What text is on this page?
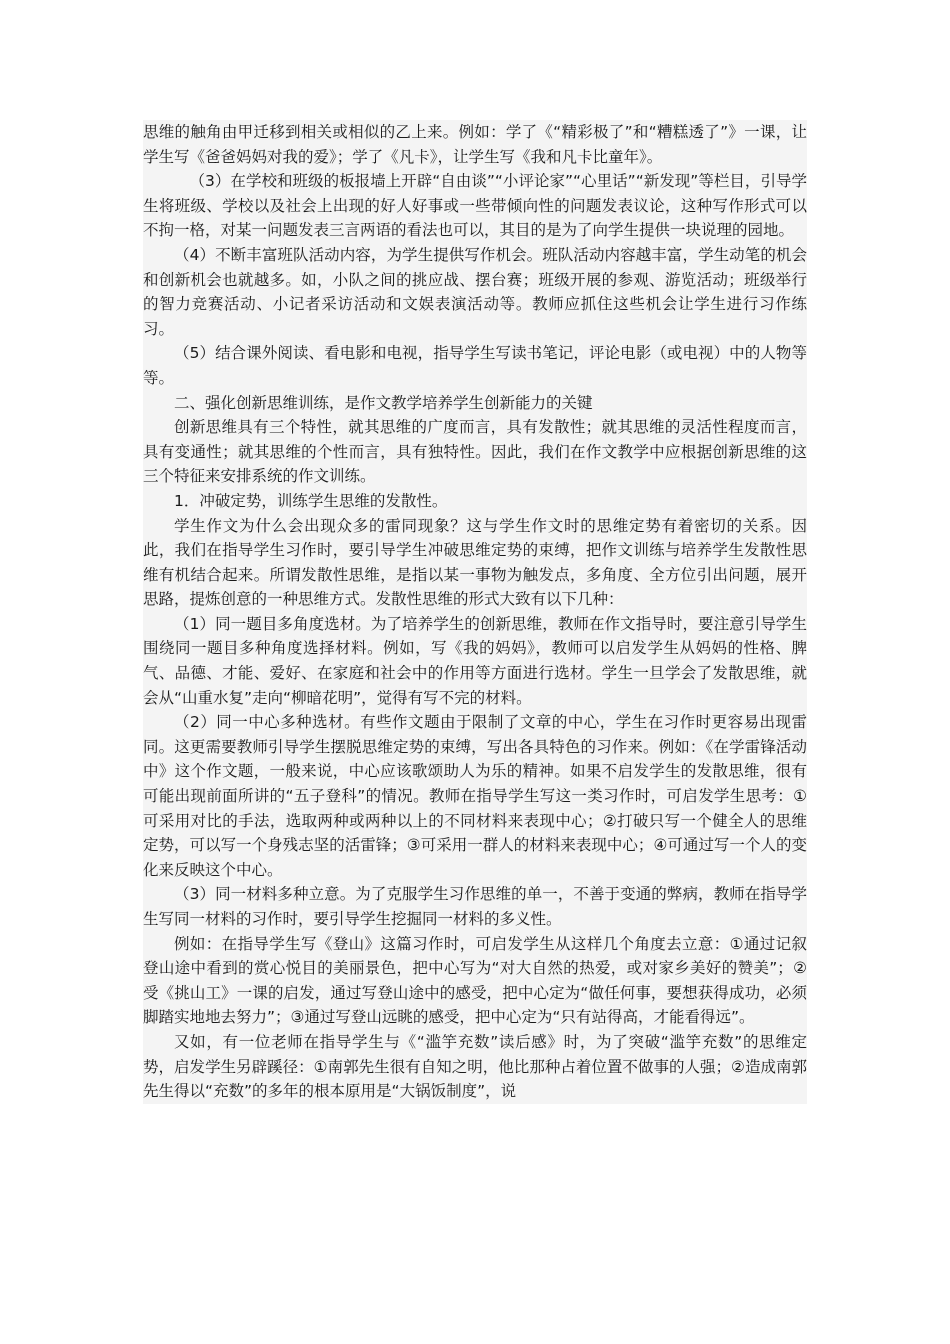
思维的触角由甲迁移到相关或相似的乙上来。例如：学了《“精彩极了”和“糟糕透了”》一课，让学生写《爸爸妈妈对我的爱》；学了《凡卡》，让学生写《我和凡卡比童年》。

（3）在学校和班级的板报墙上开辟“自由谈”“小评论家”“心里话”“新发现”等栏目，引导学生将班级、学校以及社会上出现的好人好事或一些带倾向性的问题发表议论，这种写作形式可以不拘一格，对某一问题发表三言两语的看法也可以，其目的是为了向学生提供一块说理的园地。

（4）不断丰富班队活动内容，为学生提供写作机会。班队活动内容越丰富，学生动笔的机会和创新机会也就越多。如，小队之间的挑应战、摆台赛；班级开展的参观、游览活动；班级举行的智力竞赛活动、小记者采访活动和文娱表演活动等。教师应抓住这些机会让学生进行习作练习。

（5）结合课外阅读、看电影和电视，指导学生写读书笔记，评论电影（或电视）中的人物等等。

二、强化创新思维训练，是作文教学培养学生创新能力的关键

创新思维具有三个特性，就其思维的广度而言，具有发散性；就其思维的灵活性程度而言，具有变通性；就其思维的个性而言，具有独特性。因此，我们在作文教学中应根据创新思维的这三个特征来安排系统的作文训练。

1．冲破定势，训练学生思维的发散性。

学生作文为什么会出现众多的雷同现象？这与学生作文时的思维定势有着密切的关系。因此，我们在指导学生习作时，要引导学生冲破思维定势的束缚，把作文训练与培养学生发散性思维有机结合起来。所谓发散性思维，是指以某一事物为触发点，多角度、全方位引出问题，展开思路，提炼创意的一种思维方式。发散性思维的形式大致有以下几种：

（1）同一题目多角度选材。为了培养学生的创新思维，教师在作文指导时，要注意引导学生围绕同一题目多种角度选择材料。例如，写《我的妈妈》，教师可以启发学生从妈妈的性格、脾气、品德、才能、爱好、在家庭和社会中的作用等方面进行选材。学生一旦学会了发散思维，就会从“山重水复”走向“柳暗花明”，觉得有写不完的材料。

（2）同一中心多种选材。有些作文题由于限制了文章的中心，学生在习作时更容易出现雷同。这更需要教师引导学生摆脱思维定势的束缚，写出各具特色的习作来。例如：《在学雷锋活动中》这个作文题，一般来说，中心应该歌颂助人为乐的精神。如果不启发学生的发散思维，很有可能出现前面所讲的“五子登科”的情况。教师在指导学生写这一类习作时，可启发学生思考：①可采用对比的手法，选取两种或两种以上的不同材料来表现中心；②打破只写一个健全人的思维定势，可以写一个身残志坚的活雷锋；③可采用一群人的材料来表现中心；④可通过写一个人的变化来反映这个中心。

（3）同一材料多种立意。为了克服学生习作思维的单一，不善于变通的弊病，教师在指导学生写同一材料的习作时，要引导学生挖掘同一材料的多义性。

例如：在指导学生写《登山》这篇习作时，可启发学生从这样几个角度去立意：①通过记叙登山途中看到的赏心悦目的美丽景色，把中心写为“对大自然的热爱，或对家乡美好的赞美”；②受《挑山工》一课的启发，通过写登山途中的感受，把中心定为“做任何事，要想获得成功，必须脚踏实地地去努力”；③通过写登山远眺的感受，把中心定为“只有站得高，才能看得远”。

又如，有一位老师在指导学生与《“滥竽充数”读后感》时，为了突破“滥竽充数”的思维定势，启发学生另辟蹊径：①南郭先生很有自知之明，他比那种占着位置不做事的人强；②造成南郭先生得以“充数”的多年的根本原用是“大锅饭制度”，说
